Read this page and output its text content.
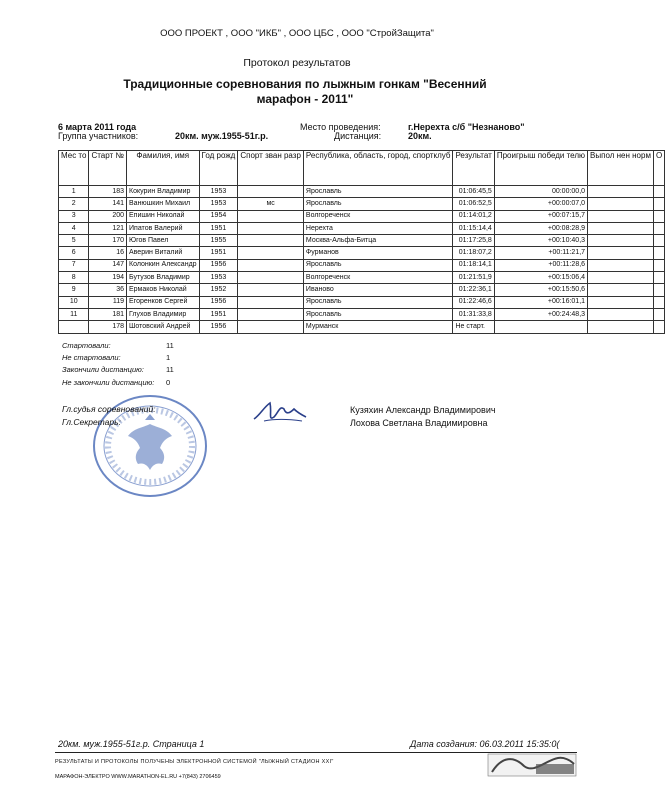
ООО ПРОЕКТ , ООО "ИКБ" , ООО ЦБС , ООО "СтройЗащита"
Протокол результатов
Традиционные соревнования по лыжным гонкам "Весенний
марафон - 2011"
6 марта 2011 года
Группа участников:	20км. муж.1955-51г.р.
Место проведения:	г.Нерехта с/б "Незнаново"
Дистанция:	20км.
Мес то	Старт №	Фамилия, имя	Год рожд	Спорт зван разр	Республика, область, город, спортклуб	Результат	Проигрыш победи телю	Выпол нен норм	О
1	183	Кокурин Владимир	1953		Ярославль	01:06:45,5	00:00:00,0		
2	141	Ванюшкин Михаил	1953	мс	Ярославль	01:06:52,5	+00:00:07,0		
3	200	Епишин Николай	1954		Волгореченск	01:14:01,2	+00:07:15,7		
4	121	Ипатов Валерий	1951		Нерехта	01:15:14,4	+00:08:28,9		
5	170	Югов Павел	1955		Москва-Альфа-Битца	01:17:25,8	+00:10:40,3		
6	16	Аверин Виталий	1951		Фурманов	01:18:07,2	+00:11:21,7		
7	147	Колонкин Александр	1956		Ярославль	01:18:14,1	+00:11:28,6		
8	194	Бутузов Владимир	1953		Волгореченск	01:21:51,9	+00:15:06,4		
9	36	Ермаков Николай	1952		Иваново	01:22:36,1	+00:15:50,6		
10	119	Егоренков Сергей	1956		Ярославль	01:22:46,6	+00:16:01,1		
11	181	Глухов Владимир	1951		Ярославль	01:31:33,8	+00:24:48,3		
	178	Шотовский Андрей	1956		Мурманск	Не старт.			
Стартовали:	11
Не стартовали:	1
Закончили дистанцию:	11
Не закончили дистанцию: 0
Гл.судья соревнований:
Гл.Секретарь:
Кузяхин Александр Владимирович
Лохова Светлана Владимировна
20км. муж.1955-51г.р. Страница 1	Дата создания: 06.03.2011 15:35:0(
РЕЗУЛЬТАТЫ И ПРОТОКОЛЫ ПОЛУЧЕНЫ ЭЛЕКТРОННОЙ СИСТЕМОЙ "ЛЫЖНЫЙ СТАДИОН XXI"
МАРАФОН-ЭЛЕКТРО WWW.MARATHON-EL.RU +7(843) 2706459
